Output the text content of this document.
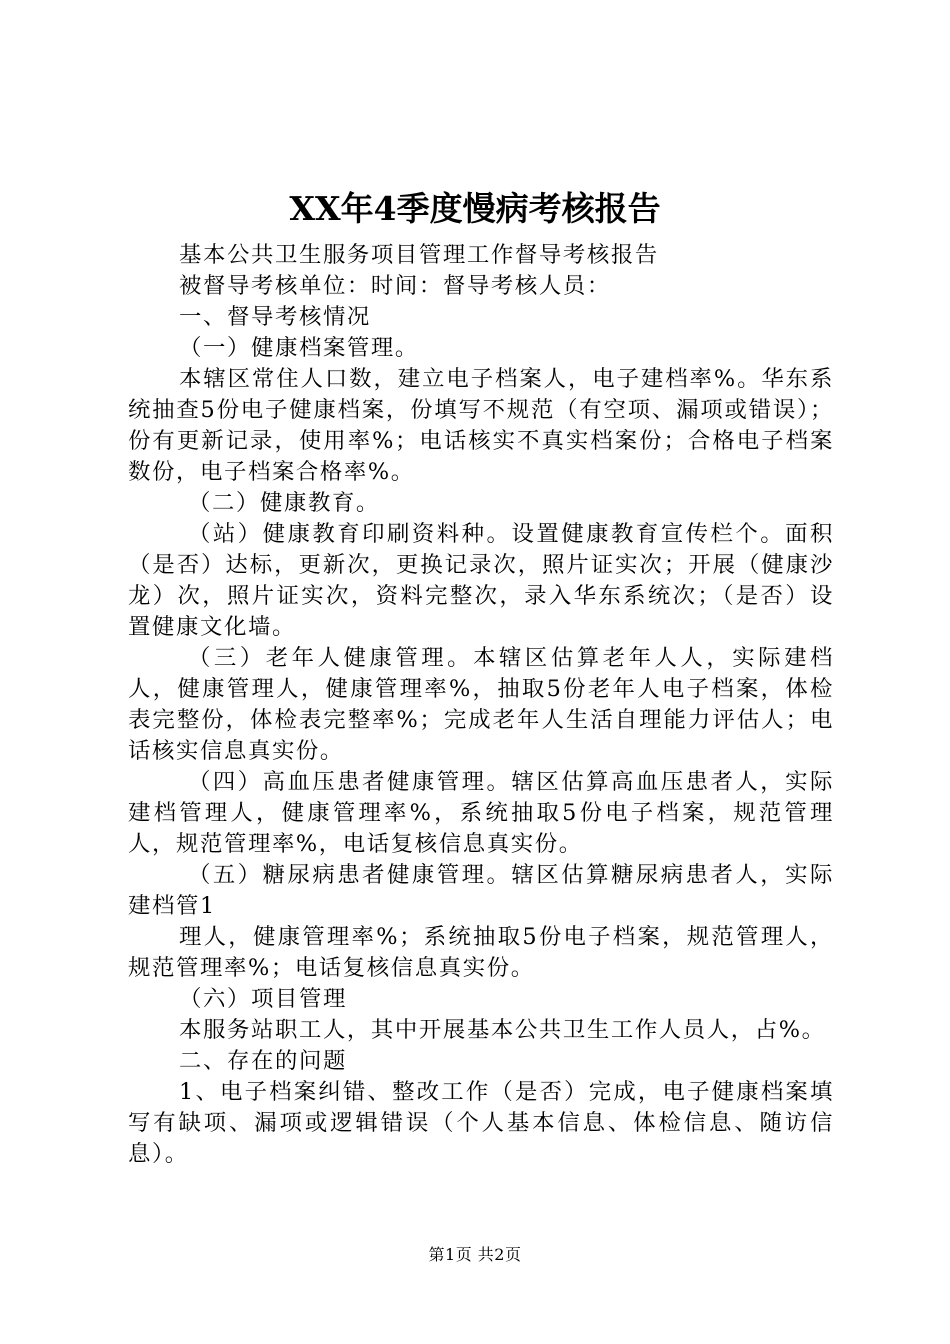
XX年4季度慢病考核报告

基本公共卫生服务项目管理工作督导考核报告

被督导考核单位：时间：督导考核人员：

一、督导考核情况

（一）健康档案管理。

本辖区常住人口数，建立电子档案人，电子建档率%。华东系统抽查5份电子健康档案，份填写不规范（有空项、漏项或错误）；份有更新记录，使用率%；电话核实不真实档案份；合格电子档案数份，电子档案合格率%。

（二）健康教育。

（站）健康教育印刷资料种。设置健康教育宣传栏个。面积（是否）达标，更新次，更换记录次，照片证实次；开展（健康沙龙）次，照片证实次，资料完整次，录入华东系统次；（是否）设置健康文化墙。

（三）老年人健康管理。本辖区估算老年人人，实际建档人，健康管理人，健康管理率%，抽取5份老年人电子档案，体检表完整份，体检表完整率%；完成老年人生活自理能力评估人；电话核实信息真实份。

（四）高血压患者健康管理。辖区估算高血压患者人，实际建档管理人，健康管理率%，系统抽取5份电子档案，规范管理人，规范管理率%，电话复核信息真实份。

（五）糖尿病患者健康管理。辖区估算糖尿病患者人，实际建档管1

理人，健康管理率%；系统抽取5份电子档案，规范管理人，规范管理率%；电话复核信息真实份。

（六）项目管理

本服务站职工人，其中开展基本公共卫生工作人员人，占%。

二、存在的问题

1、电子档案纠错、整改工作（是否）完成，电子健康档案填写有缺项、漏项或逻辑错误（个人基本信息、体检信息、随访信息）。

第1页 共2页
